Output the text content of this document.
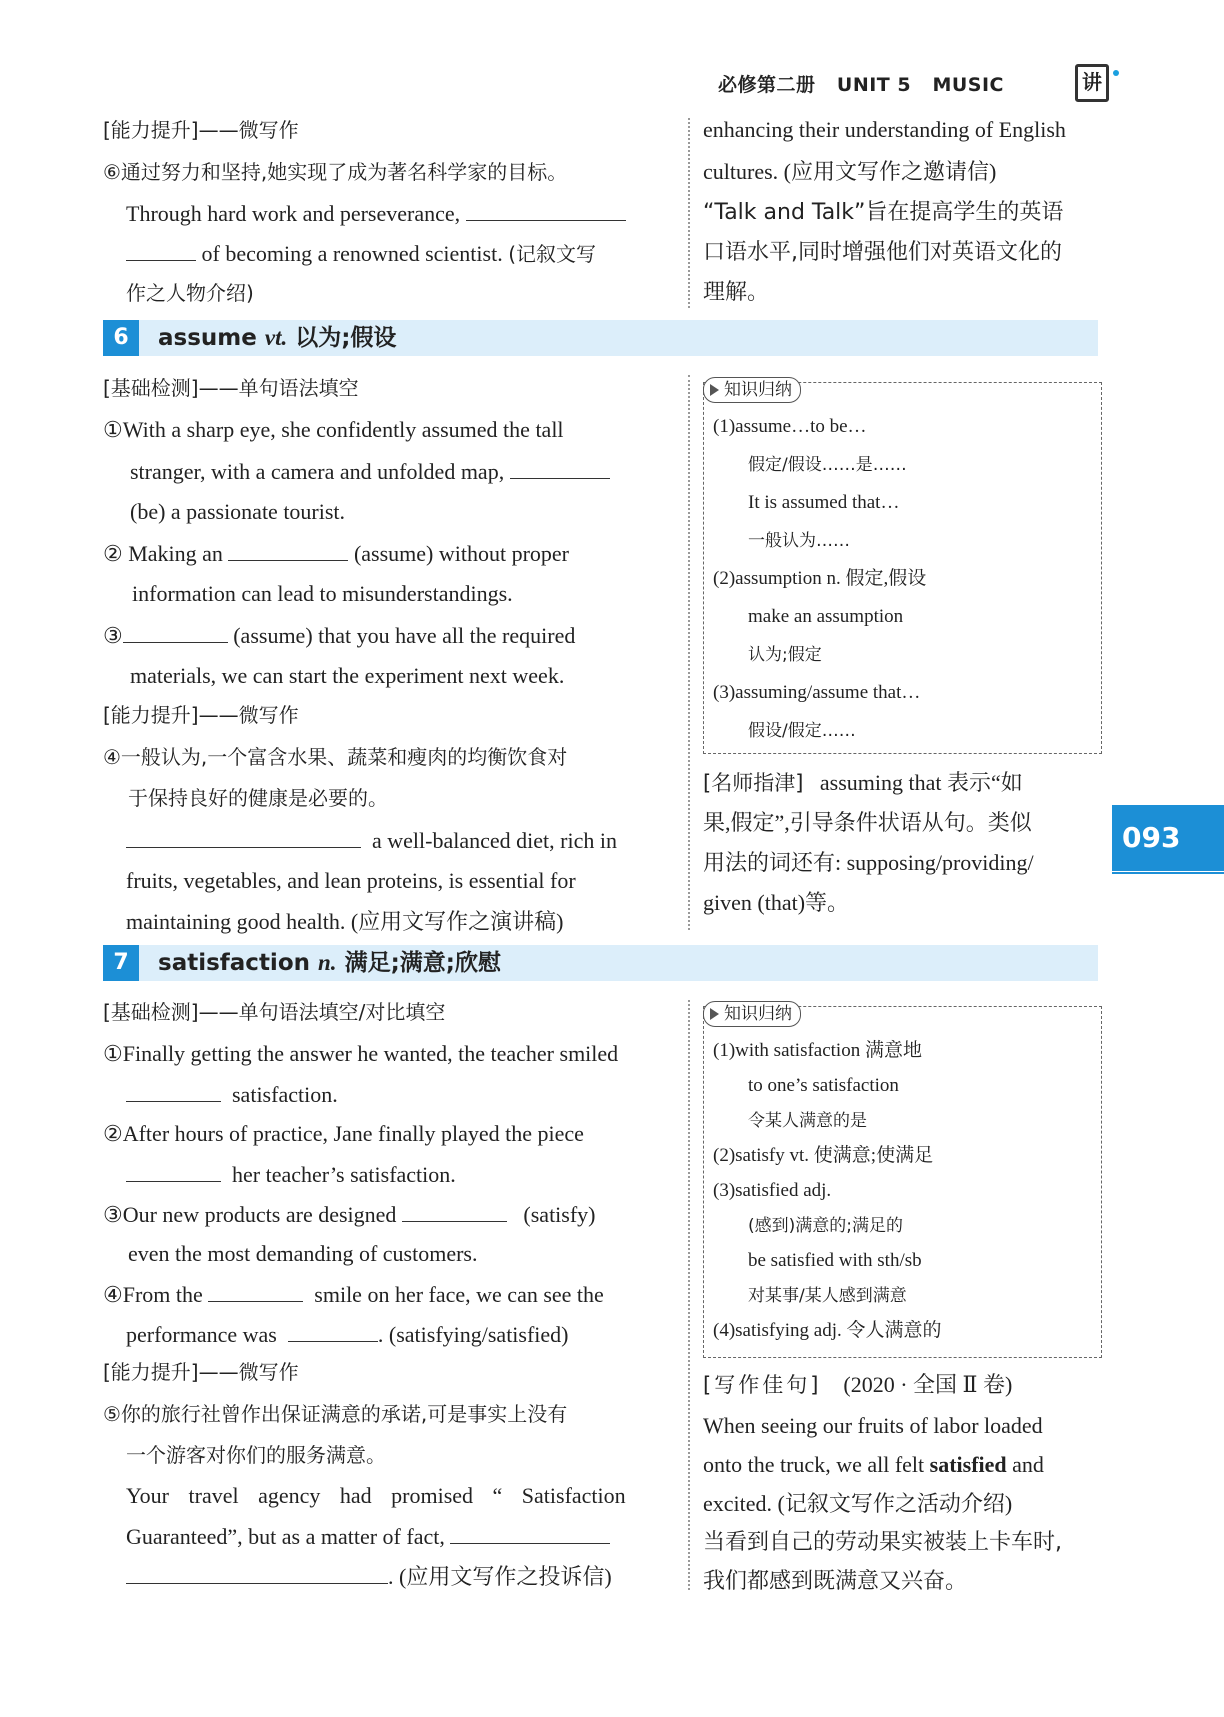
必修第二册 UNIT 5 MUSIC	讲
093
[能力提升]——微写作
⑥通过努力和坚持,她实现了成为著名科学家的目标。
Through hard work and perseverance,
of becoming a renowned scientist. (记叙文写
作之人物介绍)
enhancing their understanding of English
cultures. (应用文写作之邀请信)
“Talk and Talk”旨在提高学生的英语
口语水平,同时增强他们对英语文化的
理解。
6	assume vt. 以为;假设
[基础检测]——单句语法填空
①With a sharp eye, she confidently assumed the tall
stranger, with a camera and unfolded map,
(be) a passionate tourist.
② Making an	(assume) without proper
information can lead to misunderstandings.
③	(assume) that you have all the required
materials, we can start the experiment next week.
[能力提升]——微写作
④一般认为,一个富含水果、蔬菜和瘦肉的均衡饮食对
于保持良好的健康是必要的。
a well-balanced diet, rich in
fruits, vegetables, and lean proteins, is essential for
maintaining good health. (应用文写作之演讲稿)
知识归纳
(1)assume…to be…
假定/假设……是……
It is assumed that…
一般认为……
(2)assumption n. 假定,假设
make an assumption
认为;假定
(3)assuming/assume that…
假设/假定……
[名师指津] assuming that 表示“如
果,假定”,引导条件状语从句。类似
用法的词还有: supposing/providing/
given (that)等。
7	satisfaction n. 满足;满意;欣慰
[基础检测]——单句语法填空/对比填空
①Finally getting the answer he wanted, the teacher smiled
satisfaction.
②After hours of practice, Jane finally played the piece
her teacher’s satisfaction.
③Our new products are designed	(satisfy)
even the most demanding of customers.
④From the	smile on her face, we can see the
performance was	. (satisfying/satisfied)
[能力提升]——微写作
⑤你的旅行社曾作出保证满意的承诺,可是事实上没有
一个游客对你们的服务满意。
Your travel agency had promised “ Satisfaction
Guaranteed”, but as a matter of fact,
. (应用文写作之投诉信)
知识归纳
(1)with satisfaction 满意地
to one’s satisfaction
令某人满意的是
(2)satisfy vt. 使满意;使满足
(3)satisfied adj.
(感到)满意的;满足的
be satisfied with sth/sb
对某事/某人感到满意
(4)satisfying adj. 令人满意的
[写作佳句] (2020 · 全国 Ⅱ 卷)
When seeing our fruits of labor loaded
onto the truck, we all felt satisfied and
excited. (记叙文写作之活动介绍)
当看到自己的劳动果实被装上卡车时,
我们都感到既满意又兴奋。
